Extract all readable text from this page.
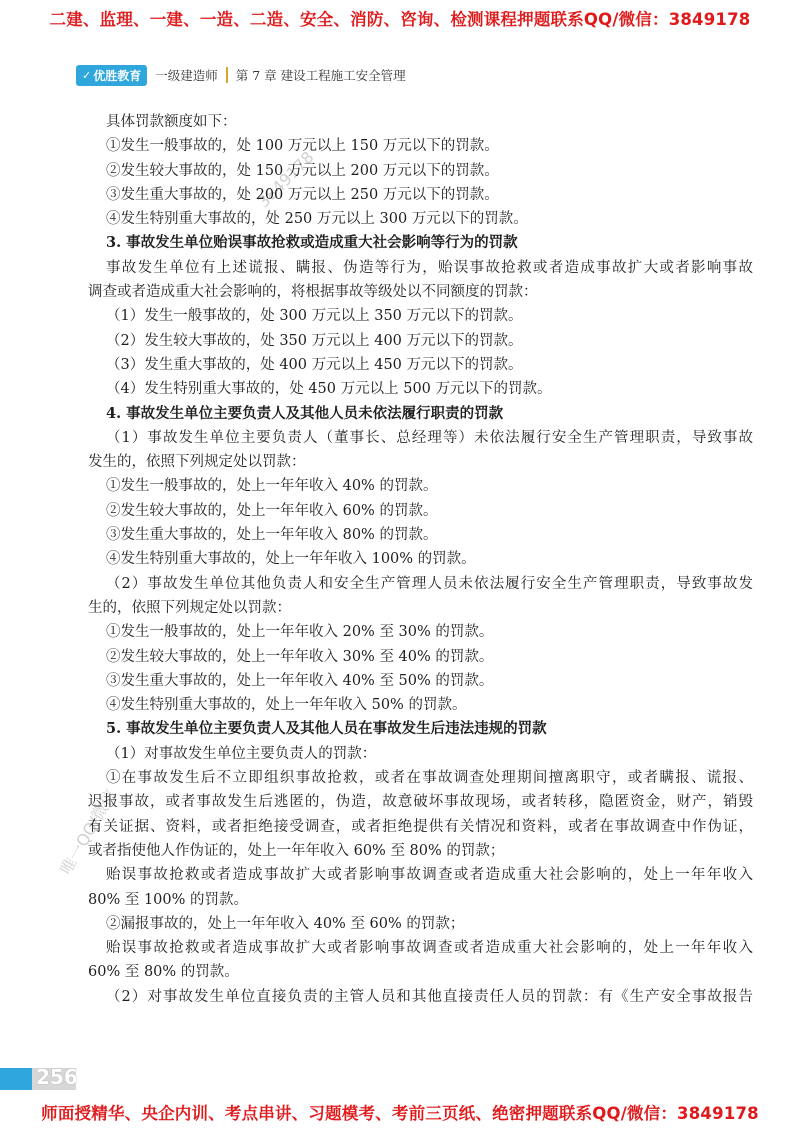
二建、监理、一建、一造、二造、安全、消防、咨询、检测课程押题联系QQ/微信：3849178
✓ 优胜教育 一级建造师 第 7 章 建设工程施工安全管理
3849178
唯一QQ/微信
具体罚款额度如下：
①发生一般事故的，处 100 万元以上 150 万元以下的罚款。
②发生较大事故的，处 150 万元以上 200 万元以下的罚款。
③发生重大事故的，处 200 万元以上 250 万元以下的罚款。
④发生特别重大事故的，处 250 万元以上 300 万元以下的罚款。
3. 事故发生单位贻误事故抢救或造成重大社会影响等行为的罚款
事故发生单位有上述谎报、瞒报、伪造等行为，贻误事故抢救或者造成事故扩大或者影响事故
调查或者造成重大社会影响的，将根据事故等级处以不同额度的罚款：
（1）发生一般事故的，处 300 万元以上 350 万元以下的罚款。
（2）发生较大事故的，处 350 万元以上 400 万元以下的罚款。
（3）发生重大事故的，处 400 万元以上 450 万元以下的罚款。
（4）发生特别重大事故的，处 450 万元以上 500 万元以下的罚款。
4. 事故发生单位主要负责人及其他人员未依法履行职责的罚款
（1）事故发生单位主要负责人（董事长、总经理等）未依法履行安全生产管理职责，导致事故
发生的，依照下列规定处以罚款：
①发生一般事故的，处上一年年收入 40% 的罚款。
②发生较大事故的，处上一年年收入 60% 的罚款。
③发生重大事故的，处上一年年收入 80% 的罚款。
④发生特别重大事故的，处上一年年收入 100% 的罚款。
（2）事故发生单位其他负责人和安全生产管理人员未依法履行安全生产管理职责，导致事故发
生的，依照下列规定处以罚款：
①发生一般事故的，处上一年年收入 20% 至 30% 的罚款。
②发生较大事故的，处上一年年收入 30% 至 40% 的罚款。
③发生重大事故的，处上一年年收入 40% 至 50% 的罚款。
④发生特别重大事故的，处上一年年收入 50% 的罚款。
5. 事故发生单位主要负责人及其他人员在事故发生后违法违规的罚款
（1）对事故发生单位主要负责人的罚款：
①在事故发生后不立即组织事故抢救，或者在事故调查处理期间擅离职守，或者瞒报、谎报、
迟报事故，或者事故发生后逃匿的，伪造，故意破坏事故现场，或者转移，隐匿资金，财产，销毁
有关证据、资料，或者拒绝接受调查，或者拒绝提供有关情况和资料，或者在事故调查中作伪证，
或者指使他人作伪证的，处上一年年收入 60% 至 80% 的罚款；
贻误事故抢救或者造成事故扩大或者影响事故调查或者造成重大社会影响的，处上一年年收入
80% 至 100% 的罚款。
②漏报事故的，处上一年年收入 40% 至 60% 的罚款；
贻误事故抢救或者造成事故扩大或者影响事故调查或者造成重大社会影响的，处上一年年收入
60% 至 80% 的罚款。
（2）对事故发生单位直接负责的主管人员和其他直接责任人员的罚款：有《生产安全事故报告
256
师面授精华、央企内训、考点串讲、习题模考、考前三页纸、绝密押题联系QQ/微信：3849178
